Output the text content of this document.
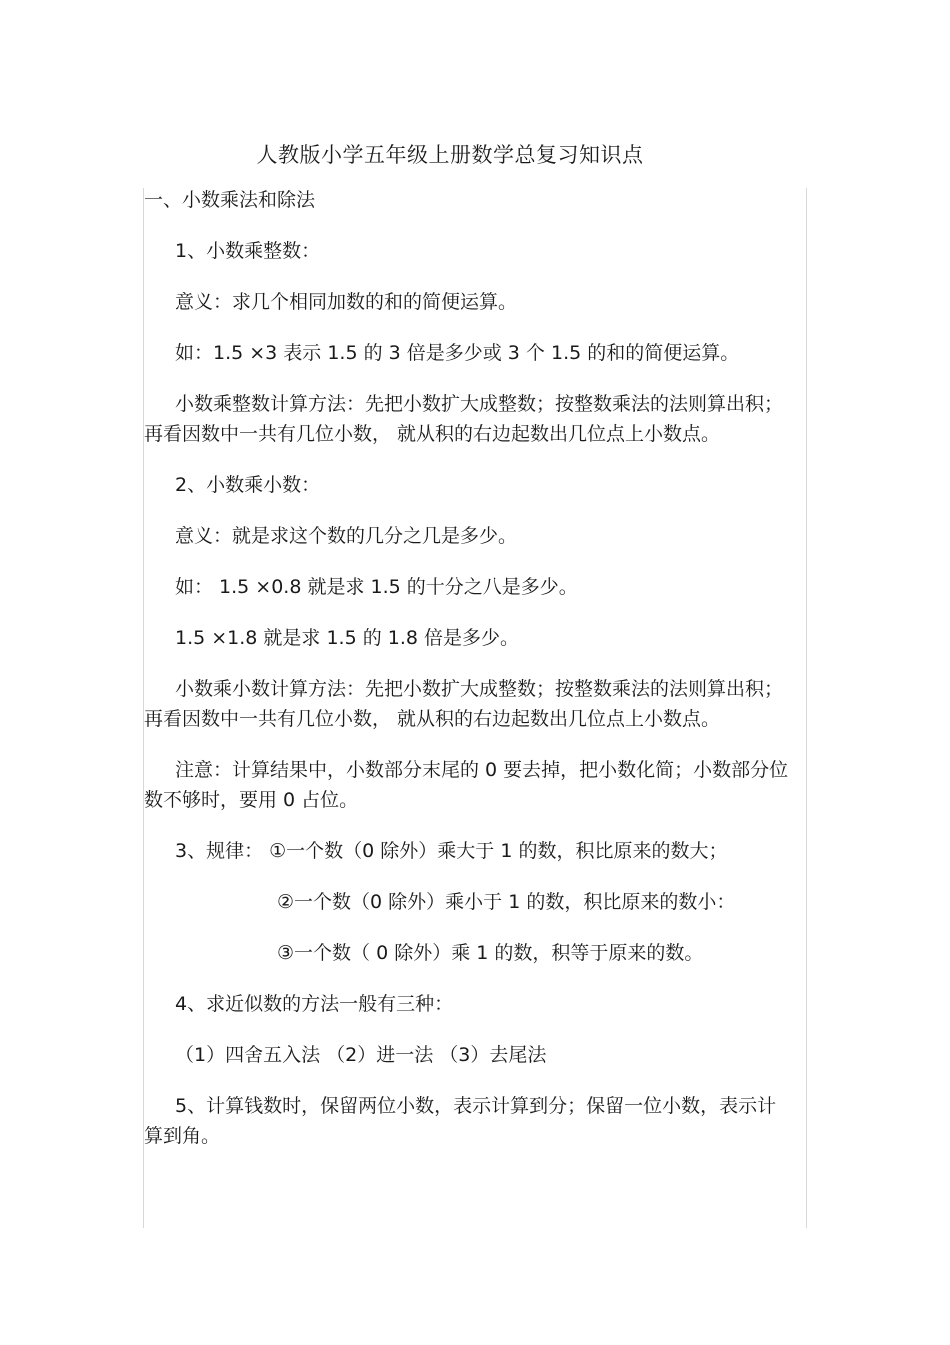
人教版小学五年级上册数学总复习知识点

一、小数乘法和除法

1、小数乘整数：

意义：求几个相同加数的和的简便运算。

如：1.5 ×3 表示 1.5 的 3 倍是多少或 3 个 1.5 的和的简便运算。

小数乘整数计算方法：先把小数扩大成整数；按整数乘法的法则算出积；再看因数中一共有几位小数， 就从积的右边起数出几位点上小数点。

2、小数乘小数：

意义：就是求这个数的几分之几是多少。

如： 1.5 ×0.8 就是求 1.5 的十分之八是多少。

1.5 ×1.8 就是求 1.5 的 1.8 倍是多少。

小数乘小数计算方法：先把小数扩大成整数；按整数乘法的法则算出积；再看因数中一共有几位小数， 就从积的右边起数出几位点上小数点。

注意：计算结果中，小数部分末尾的 0 要去掉，把小数化简；小数部分位数不够时，要用 0 占位。

3、规律： ①一个数（0 除外）乘大于 1 的数，积比原来的数大；

②一个数（0 除外）乘小于 1 的数，积比原来的数小：

③一个数（ 0 除外）乘 1 的数，积等于原来的数。

4、求近似数的方法一般有三种：

（1）四舍五入法 （2）进一法 （3）去尾法

5、计算钱数时，保留两位小数，表示计算到分；保留一位小数，表示计算到角。
